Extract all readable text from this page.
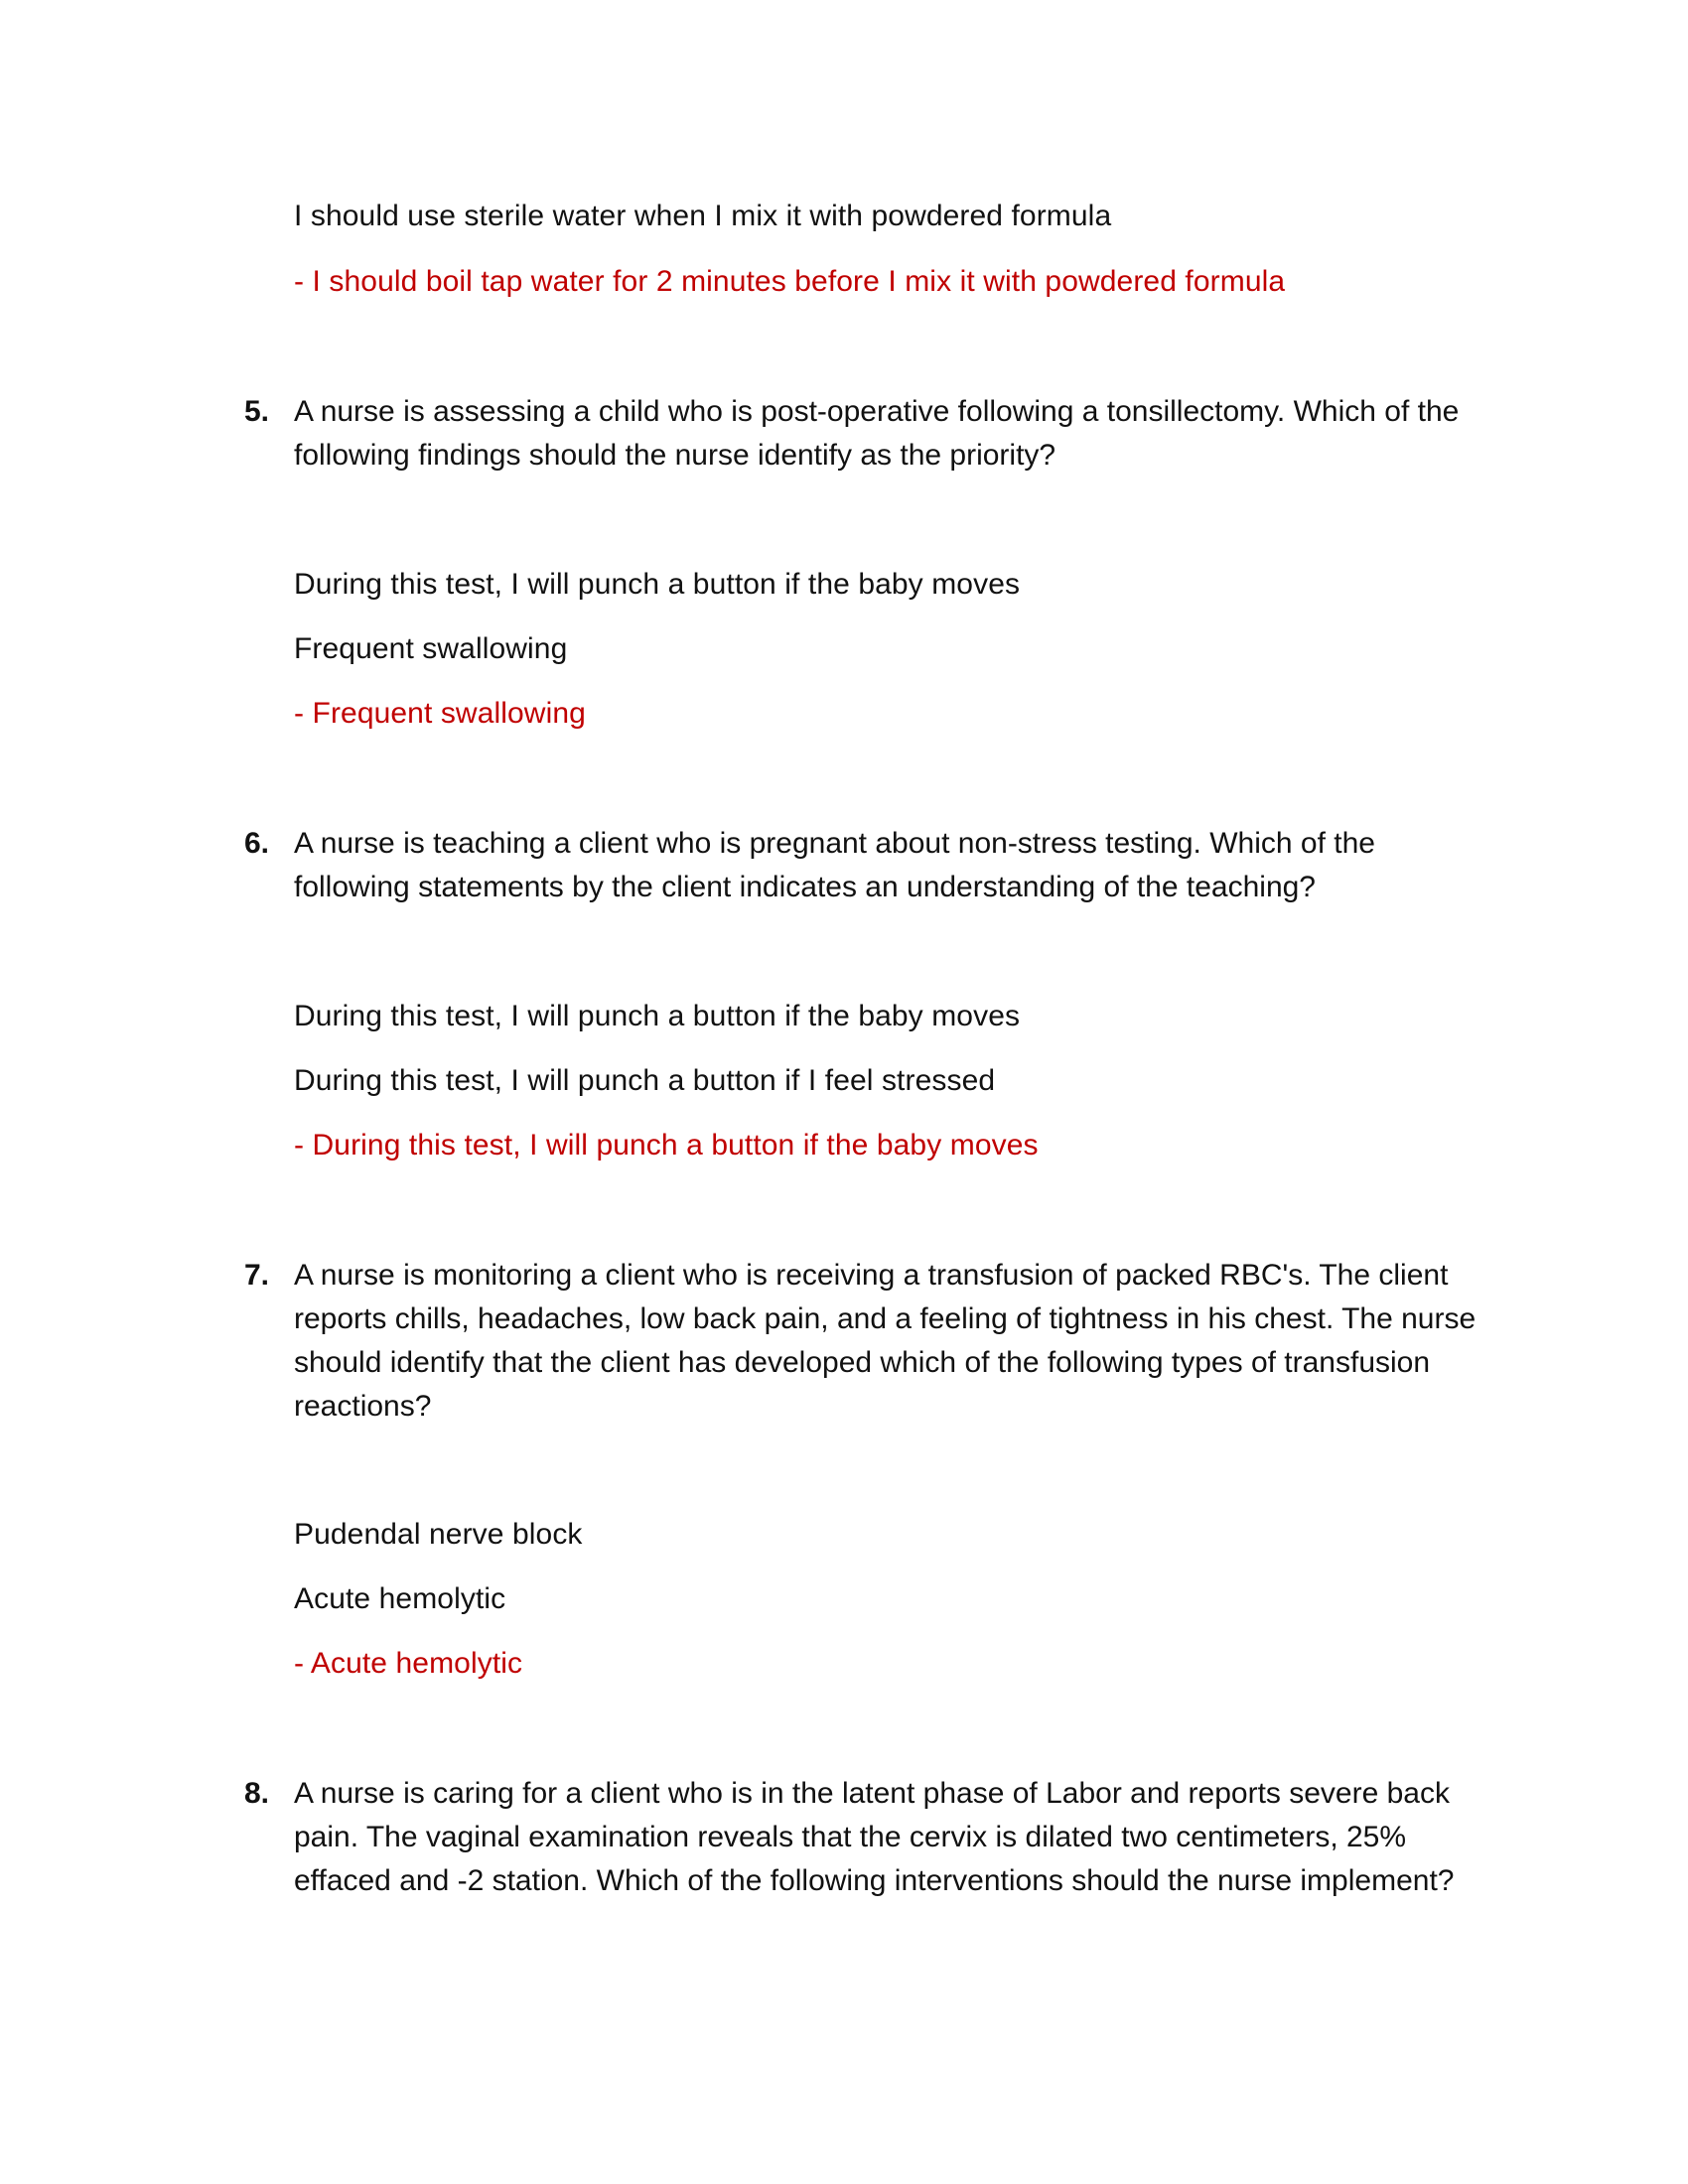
I should use sterile water when I mix it with powdered formula
- I should boil tap water for 2 minutes before I mix it with powdered formula
5. A nurse is assessing a child who is post-operative following a tonsillectomy. Which of the following findings should the nurse identify as the priority?
During this test, I will punch a button if the baby moves
Frequent swallowing
- Frequent swallowing
6. A nurse is teaching a client who is pregnant about non-stress testing. Which of the following statements by the client indicates an understanding of the teaching?
During this test, I will punch a button if the baby moves
During this test, I will punch a button if I feel stressed
- During this test, I will punch a button if the baby moves
7. A nurse is monitoring a client who is receiving a transfusion of packed RBC's. The client reports chills, headaches, low back pain, and a feeling of tightness in his chest. The nurse should identify that the client has developed which of the following types of transfusion reactions?
Pudendal nerve block
Acute hemolytic
- Acute hemolytic
8. A nurse is caring for a client who is in the latent phase of Labor and reports severe back pain. The vaginal examination reveals that the cervix is dilated two centimeters, 25% effaced and -2 station. Which of the following interventions should the nurse implement?
